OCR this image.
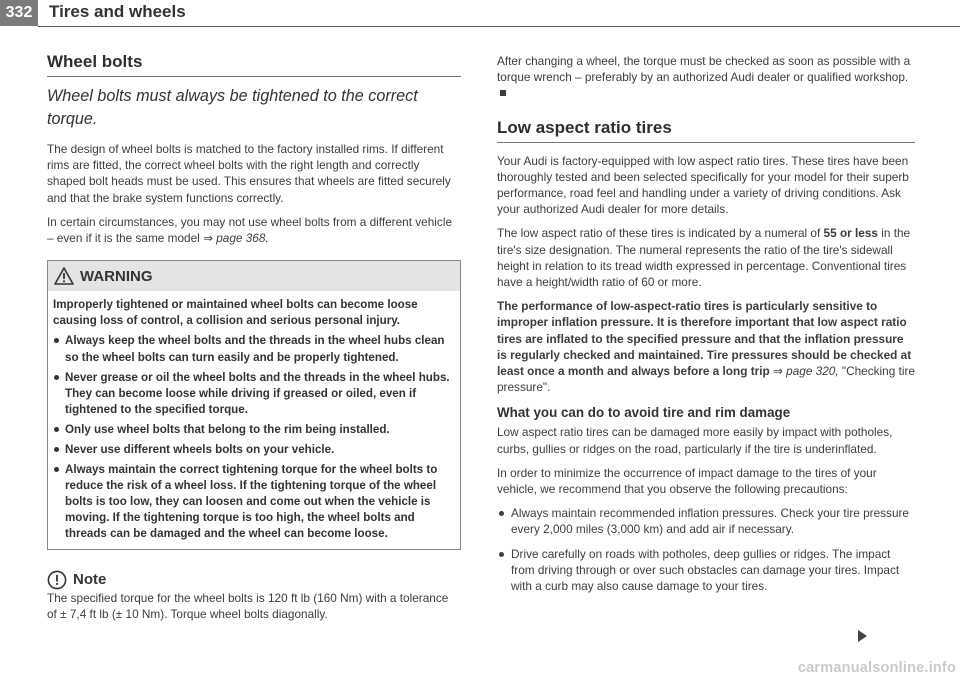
332 Tires and wheels
Wheel bolts
Wheel bolts must always be tightened to the correct torque.

The design of wheel bolts is matched to the factory installed rims. If different rims are fitted, the correct wheel bolts with the right length and correctly shaped bolt heads must be used. This ensures that wheels are fitted securely and that the brake system functions correctly.

In certain circumstances, you may not use wheel bolts from a different vehicle – even if it is the same model ⇒ page 368.

WARNING

Improperly tightened or maintained wheel bolts can become loose causing loss of control, a collision and serious personal injury.

Always keep the wheel bolts and the threads in the wheel hubs clean so the wheel bolts can turn easily and be properly tightened.
Never grease or oil the wheel bolts and the threads in the wheel hubs. They can become loose while driving if greased or oiled, even if tightened to the specified torque.
Only use wheel bolts that belong to the rim being installed.
Never use different wheels bolts on your vehicle.
Always maintain the correct tightening torque for the wheel bolts to reduce the risk of a wheel loss. If the tightening torque of the wheel bolts is too low, they can loosen and come out when the vehicle is moving. If the tightening torque is too high, the wheel bolts and threads can be damaged and the wheel can become loose.
Note

The specified torque for the wheel bolts is 120 ft lb (160 Nm) with a tolerance of ± 7,4 ft lb (± 10 Nm). Torque wheel bolts diagonally.

After changing a wheel, the torque must be checked as soon as possible with a torque wrench – preferably by an authorized Audi dealer or qualified workshop.

Low aspect ratio tires

Your Audi is factory-equipped with low aspect ratio tires. These tires have been thoroughly tested and been selected specifically for your model for their superb performance, road feel and handling under a variety of driving conditions. Ask your authorized Audi dealer for more details.

The low aspect ratio of these tires is indicated by a numeral of 55 or less in the tire's size designation. The numeral represents the ratio of the tire's sidewall height in relation to its tread width expressed in percentage. Conventional tires have a height/width ratio of 60 or more.

The performance of low-aspect-ratio tires is particularly sensitive to improper inflation pressure. It is therefore important that low aspect ratio tires are inflated to the specified pressure and that the inflation pressure is regularly checked and maintained. Tire pressures should be checked at least once a month and always before a long trip ⇒ page 320, "Checking tire pressure".

What you can do to avoid tire and rim damage

Low aspect ratio tires can be damaged more easily by impact with potholes, curbs, gullies or ridges on the road, particularly if the tire is underinflated.

In order to minimize the occurrence of impact damage to the tires of your vehicle, we recommend that you observe the following precautions:

Always maintain recommended inflation pressures. Check your tire pressure every 2,000 miles (3,000 km) and add air if necessary.

Drive carefully on roads with potholes, deep gullies or ridges. The impact from driving through or over such obstacles can damage your tires. Impact with a curb may also cause damage to your tires.

carmanualsonline.info
